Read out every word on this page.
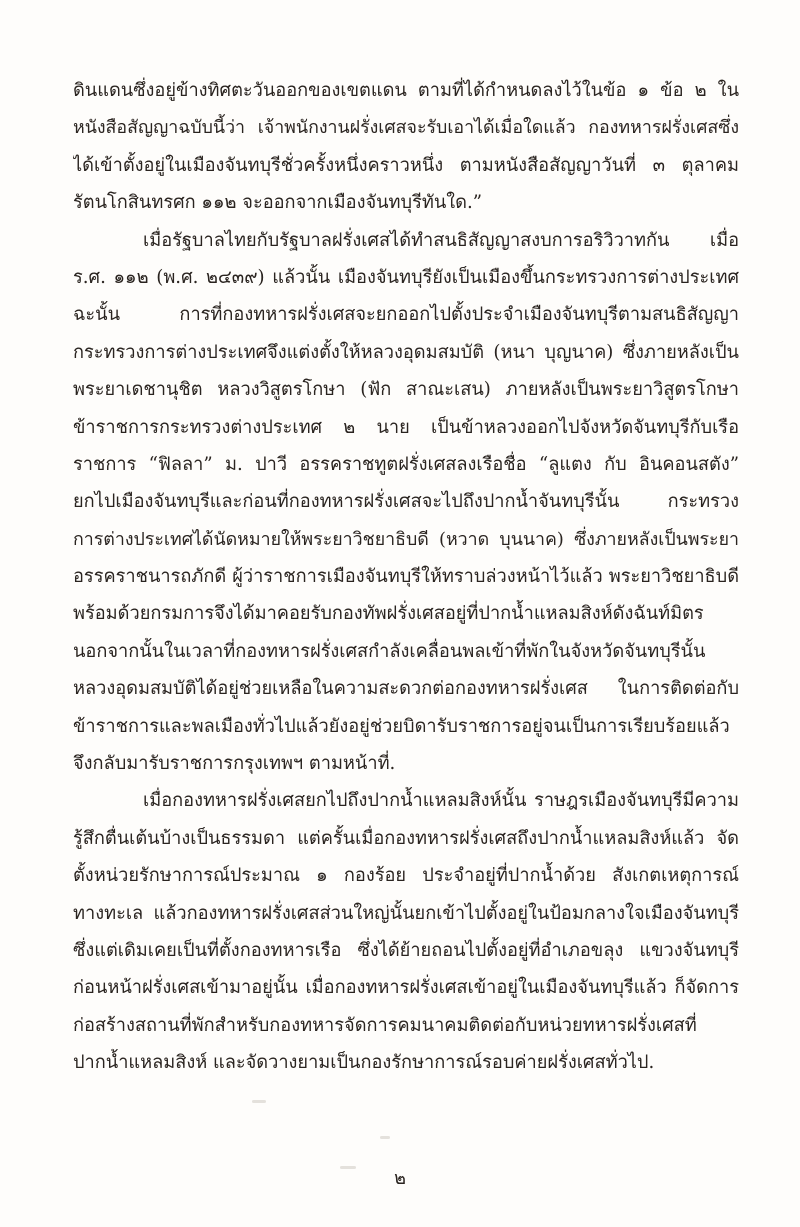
ดินแดนซึ่งอยู่ข้างทิศตะวันออกของเขตแดน ตามที่ได้กำหนดลงไว้ในข้อ ๑ ข้อ ๒ ใน
หนังสือสัญญาฉบับนี้ว่า เจ้าพนักงานฝรั่งเศสจะรับเอาได้เมื่อใดแล้ว กองทหารฝรั่งเศสซึ่ง
ได้เข้าตั้งอยู่ในเมืองจันทบุรีชั่วครั้งหนึ่งคราวหนึ่ง ตามหนังสือสัญญาวันที่ ๓ ตุลาคม
รัตนโกสินทรศก ๑๑๒ จะออกจากเมืองจันทบุรีทันใด.”
เมื่อรัฐบาลไทยกับรัฐบาลฝรั่งเศสได้ทำสนธิสัญญาสงบการอริวิวาทกัน เมื่อ
ร.ศ. ๑๑๒ (พ.ศ. ๒๔๓๙) แล้วนั้น เมืองจันทบุรียังเป็นเมืองขึ้นกระทรวงการต่างประเทศ
ฉะนั้น การที่กองทหารฝรั่งเศสจะยกออกไปตั้งประจำเมืองจันทบุรีตามสนธิสัญญา
กระทรวงการต่างประเทศจึงแต่งตั้งให้หลวงอุดมสมบัติ (หนา บุญนาค) ซึ่งภายหลังเป็น
พระยาเดชานุชิต หลวงวิสูตรโกษา (ฟัก สาณะเสน) ภายหลังเป็นพระยาวิสูตรโกษา
ข้าราชการกระทรวงต่างประเทศ ๒ นาย เป็นข้าหลวงออกไปจังหวัดจันทบุรีกับเรือ
ราชการ “ฟิลลา” ม. ปาวี อรรคราชทูตฝรั่งเศสลงเรือชื่อ “ลูแตง กับ อินคอนสตัง”
ยกไปเมืองจันทบุรีและก่อนที่กองทหารฝรั่งเศสจะไปถึงปากน้ำจันทบุรีนั้น กระทรวง
การต่างประเทศได้นัดหมายให้พระยาวิชยาธิบดี (หวาด บุนนาค) ซึ่งภายหลังเป็นพระยา
อรรคราชนารถภักดี ผู้ว่าราชการเมืองจันทบุรีให้ทราบล่วงหน้าไว้แล้ว พระยาวิชยาธิบดี
พร้อมด้วยกรมการจึงได้มาคอยรับกองทัพฝรั่งเศสอยู่ที่ปากน้ำแหลมสิงห์ดังฉันท์มิตร
นอกจากนั้นในเวลาที่กองทหารฝรั่งเศสกำลังเคลื่อนพลเข้าที่พักในจังหวัดจันทบุรีนั้น
หลวงอุดมสมบัติได้อยู่ช่วยเหลือในความสะดวกต่อกองทหารฝรั่งเศส ในการติดต่อกับ
ข้าราชการและพลเมืองทั่วไปแล้วยังอยู่ช่วยบิดารับราชการอยู่จนเป็นการเรียบร้อยแล้ว
จึงกลับมารับราชการกรุงเทพฯ ตามหน้าที่.
เมื่อกองทหารฝรั่งเศสยกไปถึงปากน้ำแหลมสิงห์นั้น ราษฎรเมืองจันทบุรีมีความ
รู้สึกตื่นเต้นบ้างเป็นธรรมดา แต่ครั้นเมื่อกองทหารฝรั่งเศสถึงปากน้ำแหลมสิงห์แล้ว จัด
ตั้งหน่วยรักษาการณ์ประมาณ ๑ กองร้อย ประจำอยู่ที่ปากน้ำด้วย สังเกตเหตุการณ์
ทางทะเล แล้วกองทหารฝรั่งเศสส่วนใหญ่นั้นยกเข้าไปตั้งอยู่ในป้อมกลางใจเมืองจันทบุรี
ซึ่งแต่เดิมเคยเป็นที่ตั้งกองทหารเรือ ซึ่งได้ย้ายถอนไปตั้งอยู่ที่อำเภอขลุง แขวงจันทบุรี
ก่อนหน้าฝรั่งเศสเข้ามาอยู่นั้น เมื่อกองทหารฝรั่งเศสเข้าอยู่ในเมืองจันทบุรีแล้ว ก็จัดการ
ก่อสร้างสถานที่พักสำหรับกองทหารจัดการคมนาคมติดต่อกับหน่วยทหารฝรั่งเศสที่
ปากน้ำแหลมสิงห์ และจัดวางยามเป็นกองรักษาการณ์รอบค่ายฝรั่งเศสทั่วไป.
๒
